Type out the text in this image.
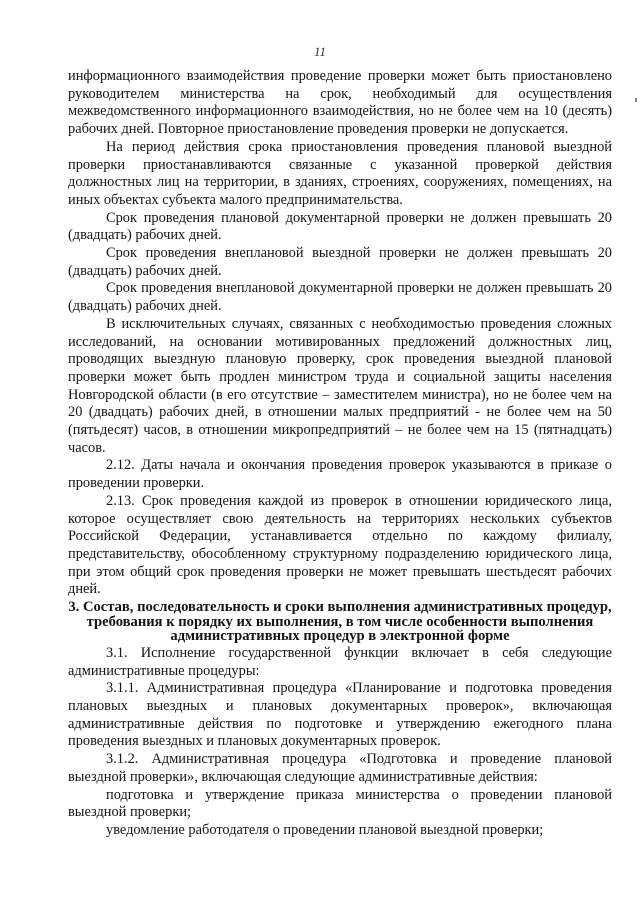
11

информационного взаимодействия проведение проверки может быть приостановлено руководителем министерства на срок, необходимый для осуществления межведомственного информационного взаимодействия, но не более чем на 10 (десять) рабочих дней. Повторное приостановление проведения проверки не допускается.

На период действия срока приостановления проведения плановой выездной проверки приостанавливаются связанные с указанной проверкой действия должностных лиц на территории, в зданиях, строениях, сооружениях, помещениях, на иных объектах субъекта малого предпринимательства.

Срок проведения плановой документарной проверки не должен превышать 20 (двадцать) рабочих дней.

Срок проведения внеплановой выездной проверки не должен превышать 20 (двадцать) рабочих дней.

Срок проведения внеплановой документарной проверки не должен превышать 20 (двадцать) рабочих дней.

В исключительных случаях, связанных с необходимостью проведения сложных исследований, на основании мотивированных предложений должностных лиц, проводящих выездную плановую проверку, срок проведения выездной плановой проверки может быть продлен министром труда и социальной защиты населения Новгородской области (в его отсутствие – заместителем министра), но не более чем на 20 (двадцать) рабочих дней, в отношении малых предприятий - не более чем на 50 (пятьдесят) часов, в отношении микропредприятий – не более чем на 15 (пятнадцать) часов.

2.12. Даты начала и окончания проведения проверок указываются в приказе о проведении проверки.

2.13. Срок проведения каждой из проверок в отношении юридического лица, которое осуществляет свою деятельность на территориях нескольких субъектов Российской Федерации, устанавливается отдельно по каждому филиалу, представительству, обособленному структурному подразделению юридического лица, при этом общий срок проведения проверки не может превышать шестьдесят рабочих дней.

3. Состав, последовательность и сроки выполнения административных процедур, требования к порядку их выполнения, в том числе особенности выполнения административных процедур в электронной форме

3.1. Исполнение государственной функции включает в себя следующие административные процедуры:

3.1.1. Административная процедура «Планирование и подготовка проведения плановых выездных и плановых документарных проверок», включающая административные действия по подготовке и утверждению ежегодного плана проведения выездных и плановых документарных проверок.

3.1.2. Административная процедура «Подготовка и проведение плановой выездной проверки», включающая следующие административные действия:

подготовка и утверждение приказа министерства о проведении плановой выездной проверки;

уведомление работодателя о проведении плановой выездной проверки;
